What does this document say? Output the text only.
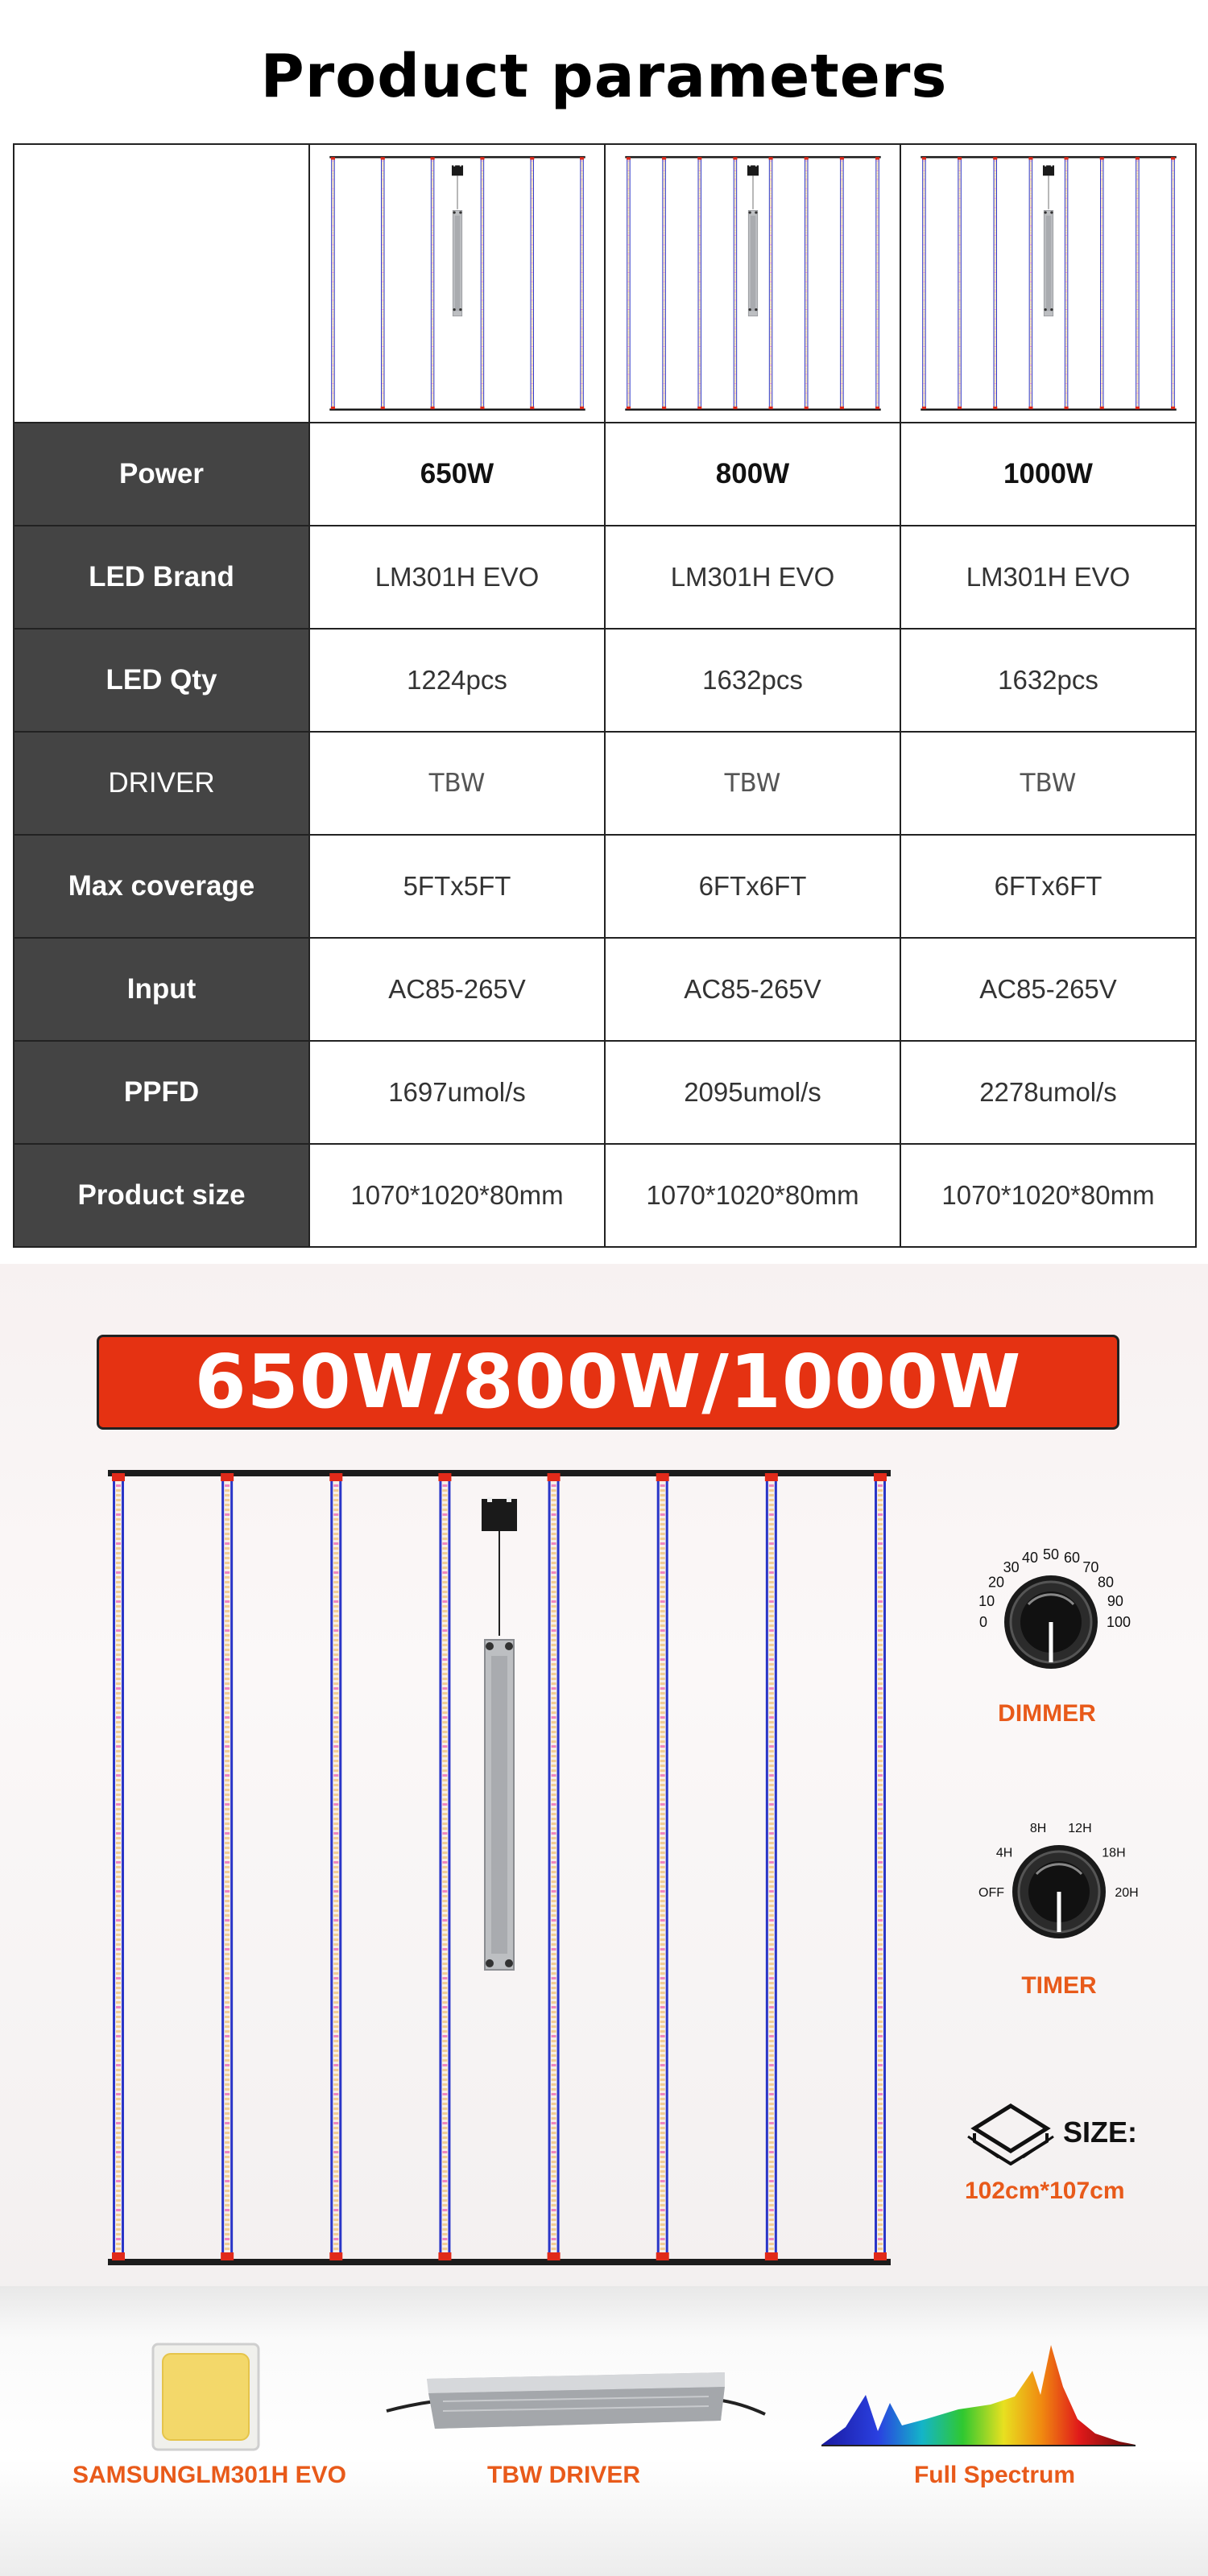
Product parameters

Power	650W	800W	1000W
LED Brand	LM301H EVO	LM301H EVO	LM301H EVO
LED Qty	1224pcs	1632pcs	1632pcs
DRIVER	TBW	TBW	TBW
Max coverage	5FTx5FT	6FTx6FT	6FTx6FT
Input	AC85-265V	AC85-265V	AC85-265V
PPFD	1697umol/s	2095umol/s	2278umol/s
Product size	1070*1020*80mm	1070*1020*80mm	1070*1020*80mm
650W/800W/1000W
0
10
20
30
40 50 60
70
80
90
100
DIMMER
OFF
4H
8H 12H
18H
20H
TIMER
SIZE:
102cm*107cm
SAMSUNGLM301H EVO	TBW DRIVER	Full Spectrum
